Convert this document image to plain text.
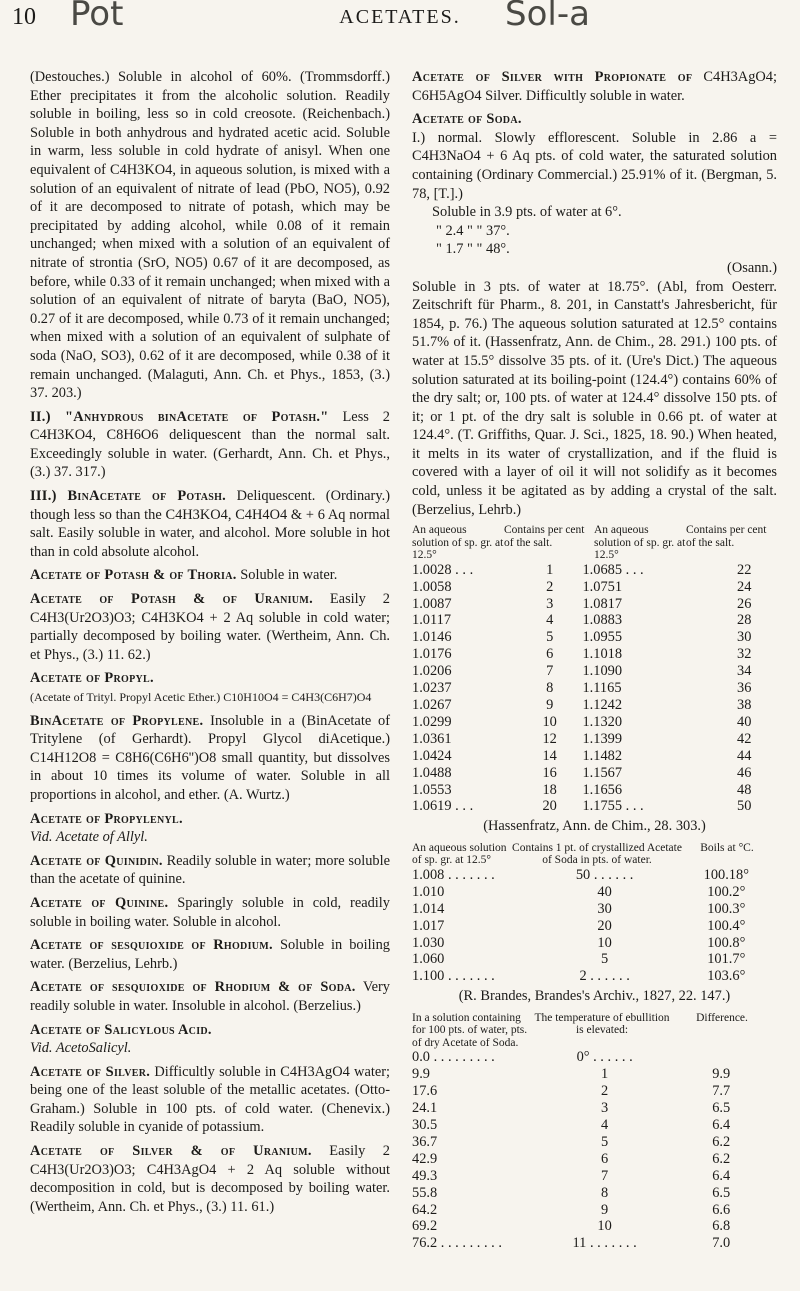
Pot
10	ACETATES.	Sol-a

(Destouches.) Soluble in alcohol of 60%. (Trommsdorff.) Ether precipitates it from the alcoholic solution. Readily soluble in boiling, less so in cold creosote. (Reichenbach.) Soluble in both anhydrous and hydrated acetic acid. Soluble in warm, less soluble in cold hydrate of anisyl. When one equivalent of C4H3KO4, in aqueous solution, is mixed with a solution of an equivalent of nitrate of lead (PbO, NO5), 0.92 of it are decomposed to nitrate of potash, which may be precipitated by adding alcohol, while 0.08 of it remain unchanged; when mixed with a solution of an equivalent of nitrate of strontia (SrO, NO5) 0.67 of it are decomposed, as before, while 0.33 of it remain unchanged; when mixed with a solution of an equivalent of nitrate of baryta (BaO, NO5), 0.27 of it are decomposed, while 0.73 of it remain unchanged; when mixed with a solution of an equivalent of sulphate of soda (NaO, SO3), 0.62 of it are decomposed, while 0.38 of it remain unchanged. (Malaguti, Ann. Ch. et Phys., 1853, (3.) 37. 203.)

II.) "Anhydrous binAcetate of Potash." Less 2 C4H3KO4, C8H6O6 deliquescent than the normal salt. Exceedingly soluble in water. (Gerhardt, Ann. Ch. et Phys., (3.) 37. 317.)

III.) BinAcetate of Potash. Deliquescent. (Ordinary.) though less so than the C4H3KO4, C4H4O4 & + 6 Aq normal salt. Easily soluble in water, and alcohol. More soluble in hot than in cold absolute alcohol.

Acetate of Potash & of Thoria. Soluble in water.

Acetate of Potash & of Uranium. Easily 2 C4H3(Ur2O3)O3; C4H3KO4 + 2 Aq soluble in cold water; partially decomposed by boiling water. (Wertheim, Ann. Ch. et Phys., (3.) 11. 62.)

Acetate of Propyl.
(Acetate of Trityl. Propyl Acetic Ether.) C10H10O4 = C4H3(C6H7)O4

BinAcetate of Propylene. Insoluble in a (BinAcetate of Tritylene (of Gerhardt). Propyl Glycol diAcetique.) C14H12O8 = C8H6(C6H6'')O8 small quantity, but dissolves in about 10 times its volume of water. Soluble in all proportions in alcohol, and ether. (A. Wurtz.)

Acetate of Propylenyl.
Vid. Acetate of Allyl.

Acetate of Quinidin. Readily soluble in water; more soluble than the acetate of quinine.

Acetate of Quinine. Sparingly soluble in cold, readily soluble in boiling water. Soluble in alcohol.

Acetate of sesquioxide of Rhodium. Soluble in boiling water. (Berzelius, Lehrb.)

Acetate of sesquioxide of Rhodium & of Soda. Very readily soluble in water. Insoluble in alcohol. (Berzelius.)

Acetate of Salicylous Acid.
Vid. AcetoSalicyl.

Acetate of Silver. Difficultly soluble in C4H3AgO4 water; being one of the least soluble of the metallic acetates. (Otto-Graham.) Soluble in 100 pts. of cold water. (Chenevix.) Readily soluble in cyanide of potassium.

Acetate of Silver & of Uranium. Easily 2 C4H3(Ur2O3)O3; C4H3AgO4 + 2 Aq soluble without decomposition in cold, but is decomposed by boiling water. (Wertheim, Ann. Ch. et Phys., (3.) 11. 61.)

Acetate of Silver with Propionate of C4H3AgO4; C6H5AgO4 Silver. Difficultly soluble in water.

Acetate of Soda.
I.) normal. Slowly efflorescent. Soluble in 2.86 a = C4H3NaO4 + 6 Aq pts. of cold water, the saturated solution containing (Ordinary Commercial.) 25.91% of it. (Bergman, 5. 78, [T.].)

Soluble in 3.9 pts. of water at 6°.
" 2.4 " " 37°.
" 1.7 " " 48°.
(Osann.)

Soluble in 3 pts. of water at 18.75°. (Abl, from Oesterr. Zeitschrift für Pharm., 8. 201, in Canstatt's Jahresbericht, für 1854, p. 76.) The aqueous solution saturated at 12.5° contains 51.7% of it. (Hassenfratz, Ann. de Chim., 28. 291.) 100 pts. of water at 15.5° dissolve 35 pts. of it. (Ure's Dict.) The aqueous solution saturated at its boiling-point (124.4°) contains 60% of the dry salt; or, 100 pts. of water at 124.4° dissolve 150 pts. of it; or 1 pt. of the dry salt is soluble in 0.66 pt. of water at 124.4°. (T. Griffiths, Quar. J. Sci., 1825, 18. 90.) When heated, it melts in its water of crystallization, and if the fluid is covered with a layer of oil it will not solidify as it becomes cold, unless it be agitated as by adding a crystal of the salt. (Berzelius, Lehrb.)

An aqueous solution of sp. gr. at 12.5°
Contains per cent of the salt.
An aqueous solution of sp. gr. at 12.5°
Contains per cent of the salt.
1.0028 . . .	1	1.0685 . . .	22
1.0058	2	1.0751	24
1.0087	3	1.0817	26
1.0117	4	1.0883	28
1.0146	5	1.0955	30
1.0176	6	1.1018	32
1.0206	7	1.1090	34
1.0237	8	1.1165	36
1.0267	9	1.1242	38
1.0299	10	1.1320	40
1.0361	12	1.1399	42
1.0424	14	1.1482	44
1.0488	16	1.1567	46
1.0553	18	1.1656	48
1.0619 . . .	20	1.1755 . . .	50
(Hassenfratz, Ann. de Chim., 28. 303.)
An aqueous solution of sp. gr. at 12.5°
Contains 1 pt. of crystallized Acetate of Soda in pts. of water.
Boils at °C.
1.008 . . . . . . .	50 . . . . . .	100.18°
1.010	40	100.2°
1.014	30	100.3°
1.017	20	100.4°
1.030	10	100.8°
1.060	5	101.7°
1.100 . . . . . . .	2 . . . . . .	103.6°
(R. Brandes, Brandes's Archiv., 1827, 22. 147.)
In a solution containing for 100 pts. of water, pts. of dry Acetate of Soda.
The temperature of ebullition is elevated:
Difference.
0.0 . . . . . . . . .	0° . . . . . .	
9.9	1	9.9
17.6	2	7.7
24.1	3	6.5
30.5	4	6.4
36.7	5	6.2
42.9	6	6.2
49.3	7	6.4
55.8	8	6.5
64.2	9	6.6
69.2	10	6.8
76.2 . . . . . . . . .	11 . . . . . . .	7.0
